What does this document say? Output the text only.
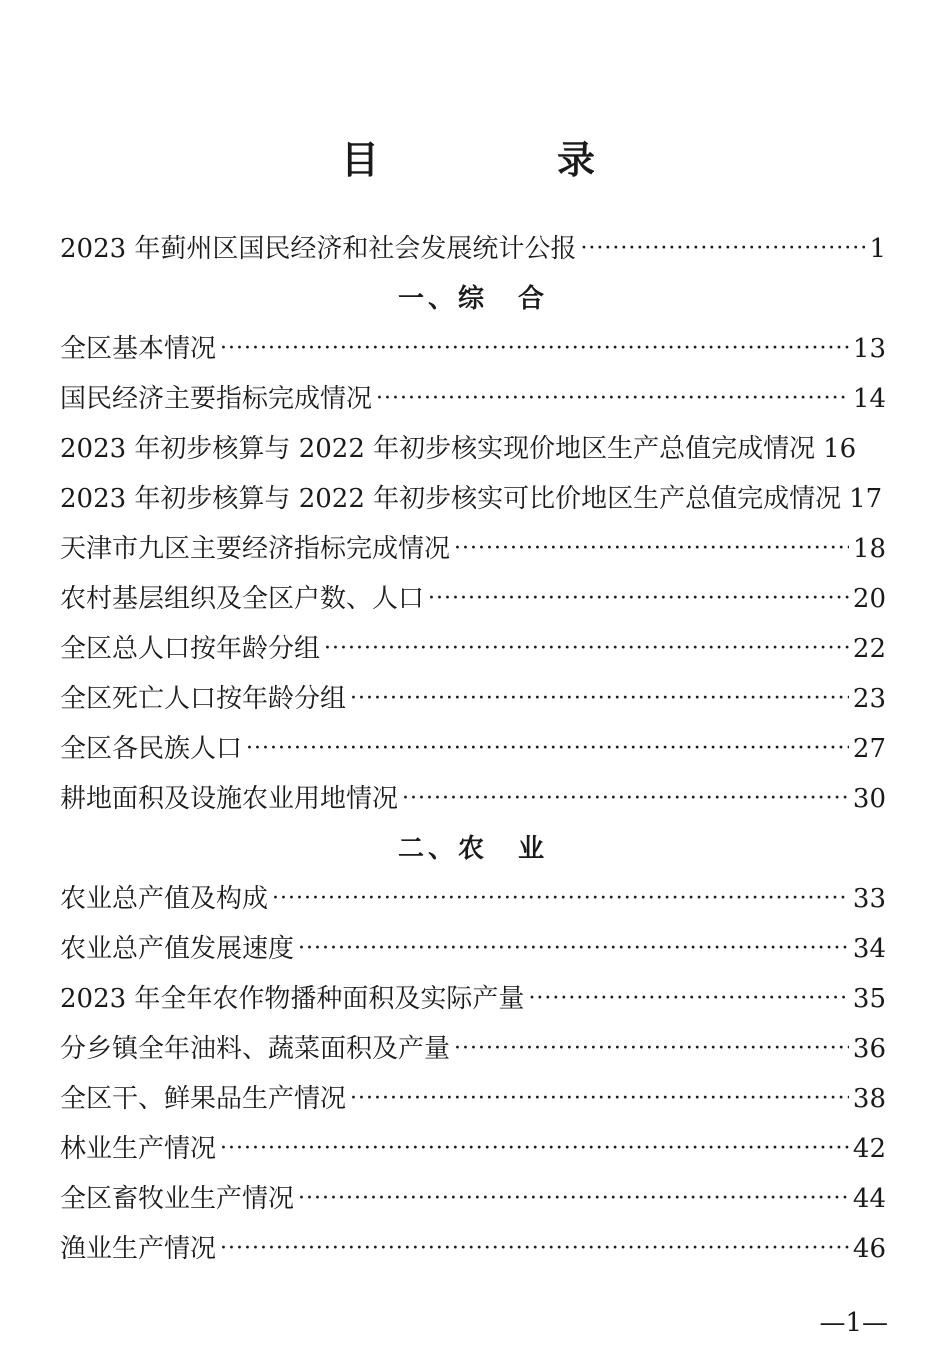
目　录
2023 年蓟州区国民经济和社会发展统计公报 ·····	1
一、综　合
全区基本情况 ·····	13
国民经济主要指标完成情况 ·····	14
2023 年初步核算与 2022 年初步核实现价地区生产总值完成情况 16
2023 年初步核算与 2022 年初步核实可比价地区生产总值完成情况 17
天津市九区主要经济指标完成情况 ·····	18
农村基层组织及全区户数、人口 ·····	20
全区总人口按年龄分组 ·····	22
全区死亡人口按年龄分组 ·····	23
全区各民族人口 ·····	27
耕地面积及设施农业用地情况 ·····	30
二、农　业
农业总产值及构成 ·····	33
农业总产值发展速度 ·····	34
2023 年全年农作物播种面积及实际产量 ·····	35
分乡镇全年油料、蔬菜面积及产量 ·····	36
全区干、鲜果品生产情况 ·····	38
林业生产情况 ·····	42
全区畜牧业生产情况 ·····	44
渔业生产情况 ·····	46
—1—
